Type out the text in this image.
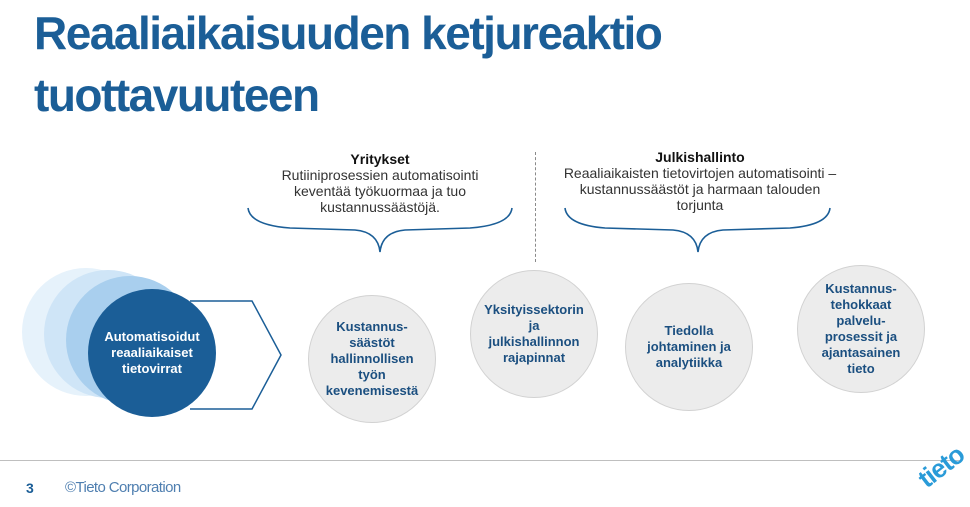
Reaaliaikaisuuden ketjureaktio
tuottavuuteen
Yritykset
Rutiiniprosessien automatisointi
keventää työkuormaa ja tuo
kustannussäästöjä.
Julkishallinto
Reaaliaikaisten tietovirtojen automatisointi –
kustannussäästöt ja harmaan talouden
torjunta
Automatisoidut
reaaliaikaiset
tietovirrat
Kustannus-
säästöt
hallinnollisen
työn
kevenemisestä
Yksityissektorin
ja
julkishallinnon
rajapinnat
Tiedolla
johtaminen ja
analytiikka
Kustannus-
tehokkaat
palvelu-
prosessit ja
ajantasainen
tieto
3 ©Tieto Corporation	tieto
